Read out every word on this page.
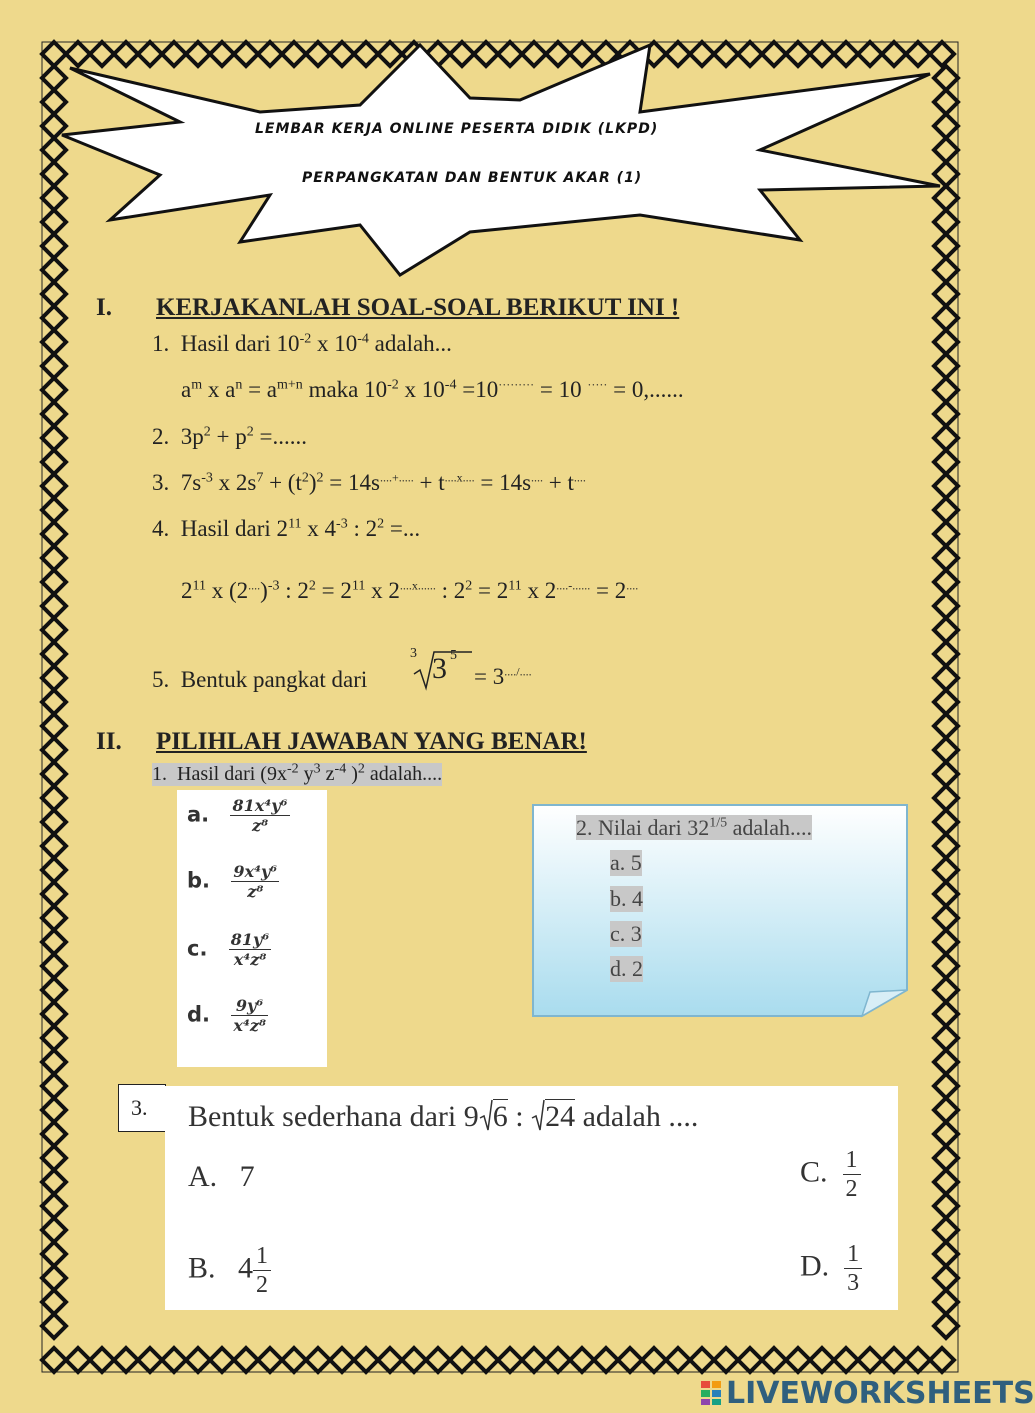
LEMBAR KERJA ONLINE PESERTA DIDIK (LKPD)
PERPANGKATAN DAN BENTUK AKAR (1)
I. KERJAKANLAH SOAL-SOAL BERIKUT INI !
1. Hasil dari $10^{-2}$ x $10^{-4}$ adalah...
$a^m$ x $a^n = a^{m+n}$ maka $10^{-2}$ x $10^{-4} =10^{\cdot\cdot\cdot\cdot\cdot\cdot\cdot\cdot\cdot} = 10$ ····· = 0,......
2. $3p^2 + p^2$ =......
3. $7s^{-3}$ x $2s^7 + (t^2)^2 = 14s^{....+.....} + t^{....x....} = 14s^{....} + t^{....}$
4. Hasil dari $2^{11}$ x $4^{-3}$ : $2^2$ =...
$2^{11}$ x $(2^{....})^{-3}$ : $2^2 = 2^{11}$ x $2^{....x......}$ : $2^2 = 2^{11}$ x 2....-...... = 2....
5. Bentuk pangkat dari
3 3 5
= 3..../....
II. PILIHLAH JAWABAN YANG BENAR!
1. Hasil dari ($9x^{-2}$ $y^3$ $z^{-4}$ )$^2$ adalah....
a. $\frac{\text{81x⁴y⁶}}{\text{z⁸}}$
b. $\frac{\text{9x⁴y⁶}}{\text{z⁸}}$
c. $\frac{\text{81y⁶}}{\text{x⁴z⁸}}$
d. $\frac{\text{9y⁶}}{\text{x⁴z⁸}}$
2. Nilai dari $32^{1/5}$ adalah....
a. 5
b. 4
c. 3
d. 2
3.	Bentuk sederhana dari 9 6 : 24 adalah ....
A. 7
B. $4 \frac{1}{2}$
C. $\frac{1}{2}$
D. $\frac{1}{3}$
LIVEWORKSHEETS
